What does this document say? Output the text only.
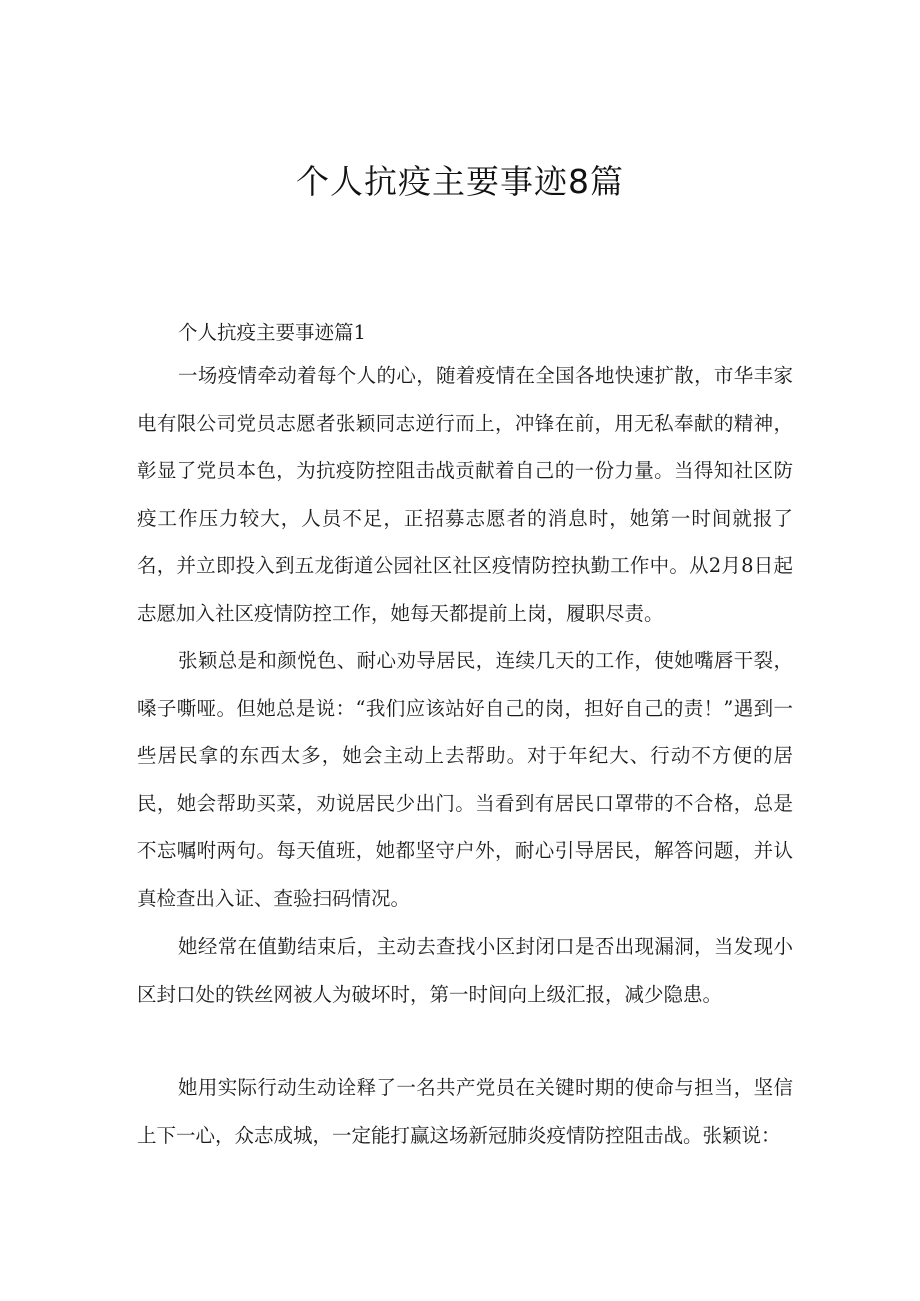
个人抗疫主要事迹8篇

个人抗疫主要事迹篇1

一场疫情牵动着每个人的心，随着疫情在全国各地快速扩散，市华丰家电有限公司党员志愿者张颖同志逆行而上，冲锋在前，用无私奉献的精神，彰显了党员本色，为抗疫防控阻击战贡献着自己的一份力量。当得知社区防疫工作压力较大，人员不足，正招募志愿者的消息时，她第一时间就报了名，并立即投入到五龙街道公园社区社区疫情防控执勤工作中。从2月8日起志愿加入社区疫情防控工作，她每天都提前上岗，履职尽责。

张颖总是和颜悦色、耐心劝导居民，连续几天的工作，使她嘴唇干裂，嗓子嘶哑。但她总是说：“我们应该站好自己的岗，担好自己的责！”遇到一些居民拿的东西太多，她会主动上去帮助。对于年纪大、行动不方便的居民，她会帮助买菜，劝说居民少出门。当看到有居民口罩带的不合格，总是不忘嘱咐两句。每天值班，她都坚守户外，耐心引导居民，解答问题，并认真检查出入证、查验扫码情况。

她经常在值勤结束后，主动去查找小区封闭口是否出现漏洞，当发现小区封口处的铁丝网被人为破坏时，第一时间向上级汇报，减少隐患。

她用实际行动生动诠释了一名共产党员在关键时期的使命与担当，坚信上下一心，众志成城，一定能打赢这场新冠肺炎疫情防控阻击战。张颖说：
